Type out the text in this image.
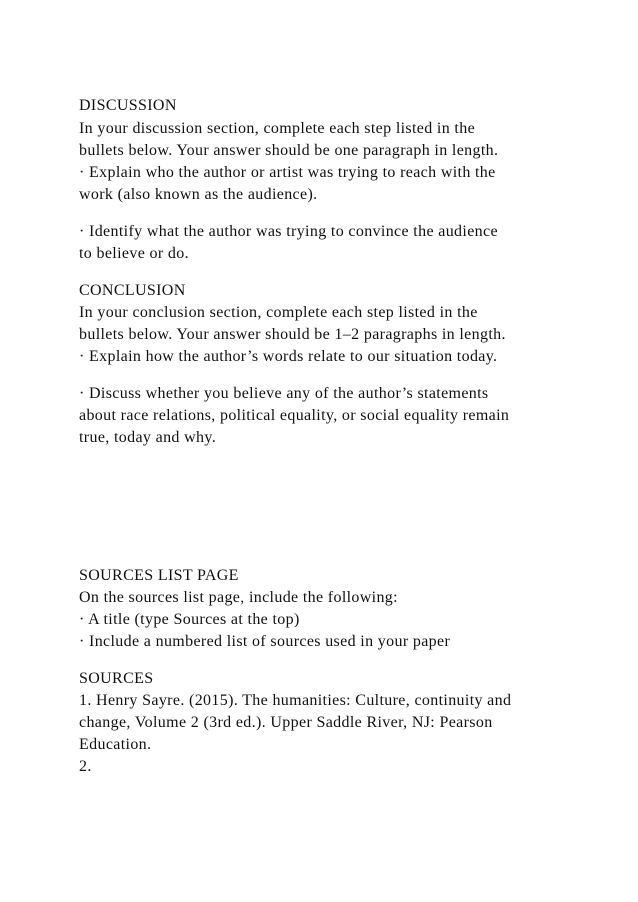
DISCUSSION

In your discussion section, complete each step listed in the

bullets below. Your answer should be one paragraph in length.

· Explain who the author or artist was trying to reach with the

work (also known as the audience).

· Identify what the author was trying to convince the audience

to believe or do.

CONCLUSION

In your conclusion section, complete each step listed in the

bullets below. Your answer should be 1–2 paragraphs in length.

· Explain how the author’s words relate to our situation today.

· Discuss whether you believe any of the author’s statements

about race relations, political equality, or social equality remain

true, today and why.

SOURCES LIST PAGE

On the sources list page, include the following:

· A title (type Sources at the top)

· Include a numbered list of sources used in your paper

SOURCES

1. Henry Sayre. (2015). The humanities: Culture, continuity and

change, Volume 2 (3rd ed.). Upper Saddle River, NJ: Pearson

Education.

2.
